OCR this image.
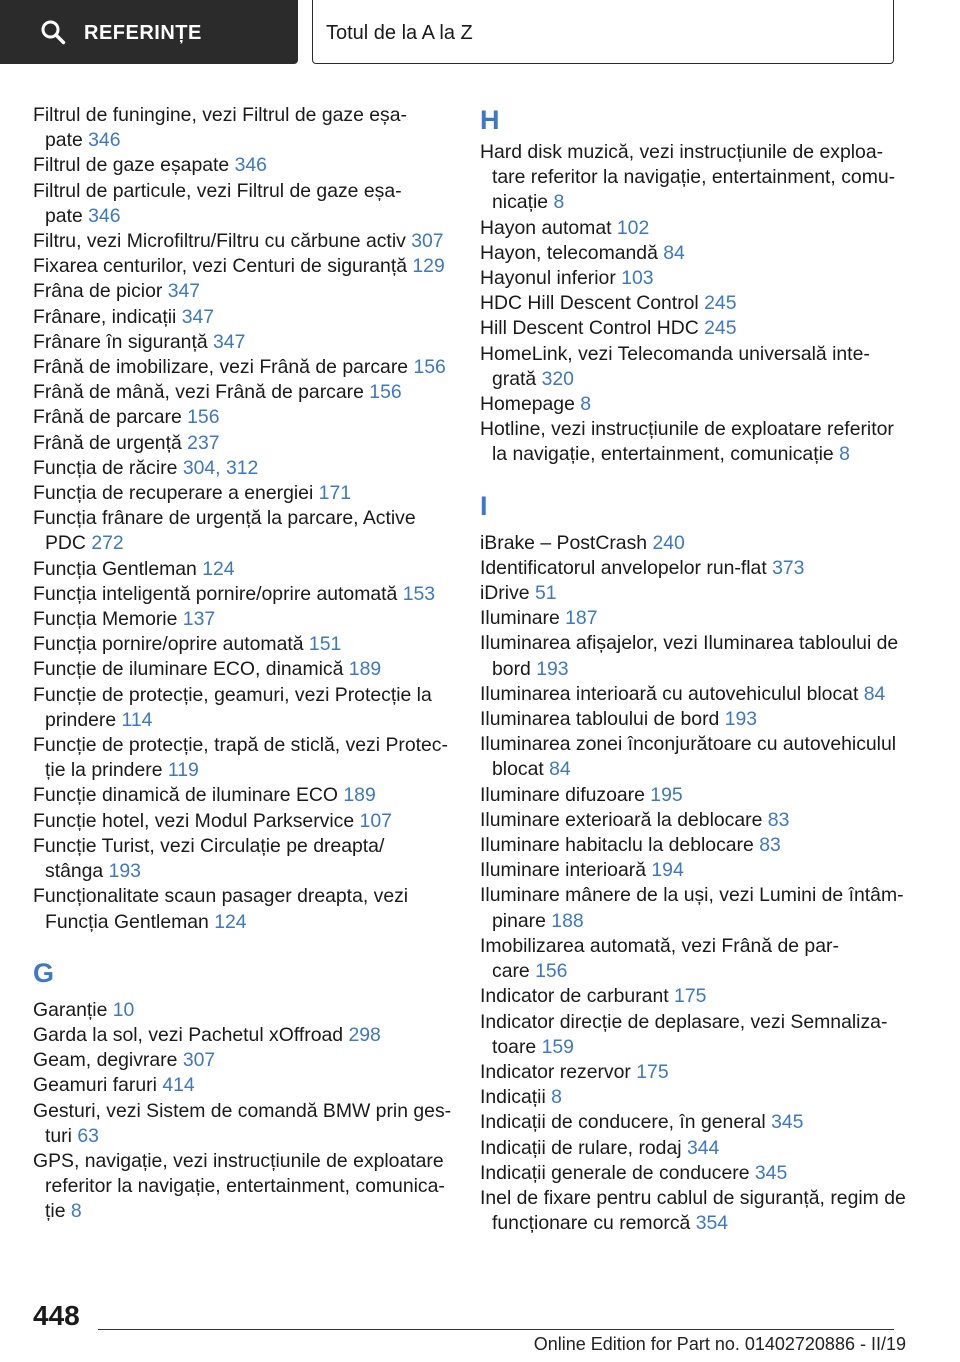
REFERINȚE	Totul de la A la Z
Filtrul de funingine, vezi Filtrul de gaze eșa-
pate 346
Filtrul de gaze eșapate 346
Filtrul de particule, vezi Filtrul de gaze eșa-
pate 346
Filtru, vezi Microfiltru/Filtru cu cărbune activ 307
Fixarea centurilor, vezi Centuri de siguranță 129
Frâna de picior 347
Frânare, indicații 347
Frânare în siguranță 347
Frână de imobilizare, vezi Frână de parcare 156
Frână de mână, vezi Frână de parcare 156
Frână de parcare 156
Frână de urgență 237
Funcția de răcire 304, 312
Funcția de recuperare a energiei 171
Funcția frânare de urgență la parcare, Active
PDC 272
Funcția Gentleman 124
Funcția inteligentă pornire/oprire automată 153
Funcția Memorie 137
Funcția pornire/oprire automată 151
Funcție de iluminare ECO, dinamică 189
Funcție de protecție, geamuri, vezi Protecție la
prindere 114
Funcție de protecție, trapă de sticlă, vezi Protec-
ție la prindere 119
Funcție dinamică de iluminare ECO 189
Funcție hotel, vezi Modul Parkservice 107
Funcție Turist, vezi Circulație pe dreapta/
stânga 193
Funcționalitate scaun pasager dreapta, vezi
Funcția Gentleman 124
G
Garanție 10
Garda la sol, vezi Pachetul xOffroad 298
Geam, degivrare 307
Geamuri faruri 414
Gesturi, vezi Sistem de comandă BMW prin ges-
turi 63
GPS, navigație, vezi instrucțiunile de exploatare
referitor la navigație, entertainment, comunica-
ție 8
H
Hard disk muzică, vezi instrucțiunile de exploa-
tare referitor la navigație, entertainment, comu-
nicație 8
Hayon automat 102
Hayon, telecomandă 84
Hayonul inferior 103
HDC Hill Descent Control 245
Hill Descent Control HDC 245
HomeLink, vezi Telecomanda universală inte-
grată 320
Homepage 8
Hotline, vezi instrucțiunile de exploatare referitor
la navigație, entertainment, comunicație 8
I
iBrake – PostCrash 240
Identificatorul anvelopelor run-flat 373
iDrive 51
Iluminare 187
Iluminarea afișajelor, vezi Iluminarea tabloului de
bord 193
Iluminarea interioară cu autovehiculul blocat 84
Iluminarea tabloului de bord 193
Iluminarea zonei înconjurătoare cu autovehiculul
blocat 84
Iluminare difuzoare 195
Iluminare exterioară la deblocare 83
Iluminare habitaclu la deblocare 83
Iluminare interioară 194
Iluminare mânere de la uși, vezi Lumini de întâm-
pinare 188
Imobilizarea automată, vezi Frână de par-
care 156
Indicator de carburant 175
Indicator direcție de deplasare, vezi Semnaliza-
toare 159
Indicator rezervor 175
Indicații 8
Indicații de conducere, în general 345
Indicații de rulare, rodaj 344
Indicații generale de conducere 345
Inel de fixare pentru cablul de siguranță, regim de
funcționare cu remorcă 354
448
Online Edition for Part no. 01402720886 - II/19
